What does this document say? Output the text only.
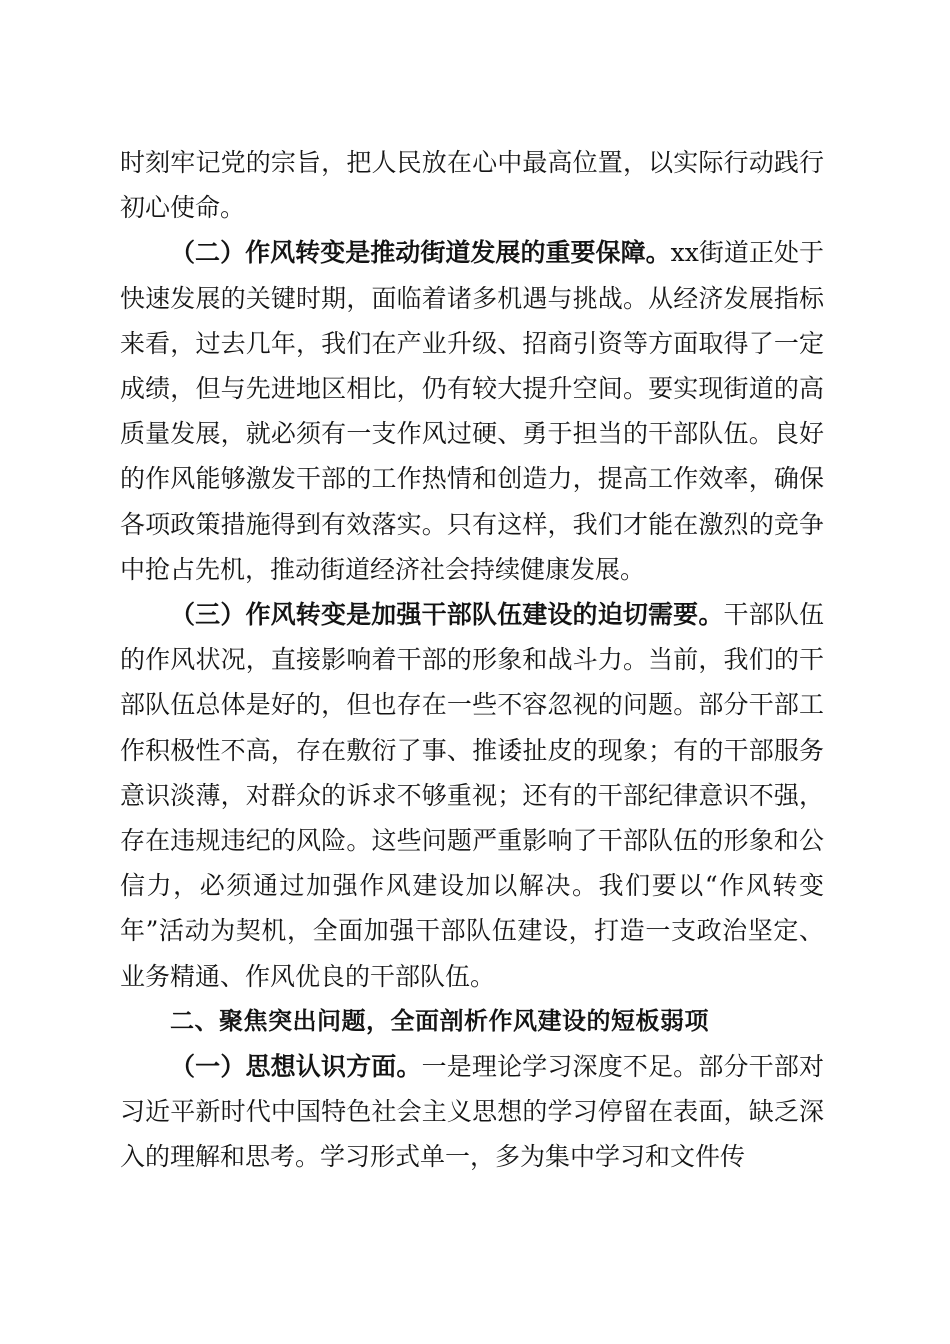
时刻牢记党的宗旨，把人民放在心中最高位置，以实际行动践行初心使命。

（二）作风转变是推动街道发展的重要保障。xx街道正处于快速发展的关键时期，面临着诸多机遇与挑战。从经济发展指标来看，过去几年，我们在产业升级、招商引资等方面取得了一定成绩，但与先进地区相比，仍有较大提升空间。要实现街道的高质量发展，就必须有一支作风过硬、勇于担当的干部队伍。良好的作风能够激发干部的工作热情和创造力，提高工作效率，确保各项政策措施得到有效落实。只有这样，我们才能在激烈的竞争中抢占先机，推动街道经济社会持续健康发展。

（三）作风转变是加强干部队伍建设的迫切需要。干部队伍的作风状况，直接影响着干部的形象和战斗力。当前，我们的干部队伍总体是好的，但也存在一些不容忽视的问题。部分干部工作积极性不高，存在敷衍了事、推诿扯皮的现象；有的干部服务意识淡薄，对群众的诉求不够重视；还有的干部纪律意识不强，存在违规违纪的风险。这些问题严重影响了干部队伍的形象和公信力，必须通过加强作风建设加以解决。我们要以“作风转变年”活动为契机，全面加强干部队伍建设，打造一支政治坚定、业务精通、作风优良的干部队伍。

二、聚焦突出问题，全面剖析作风建设的短板弱项

（一）思想认识方面。一是理论学习深度不足。部分干部对习近平新时代中国特色社会主义思想的学习停留在表面，缺乏深入的理解和思考。学习形式单一，多为集中学习和文件传
